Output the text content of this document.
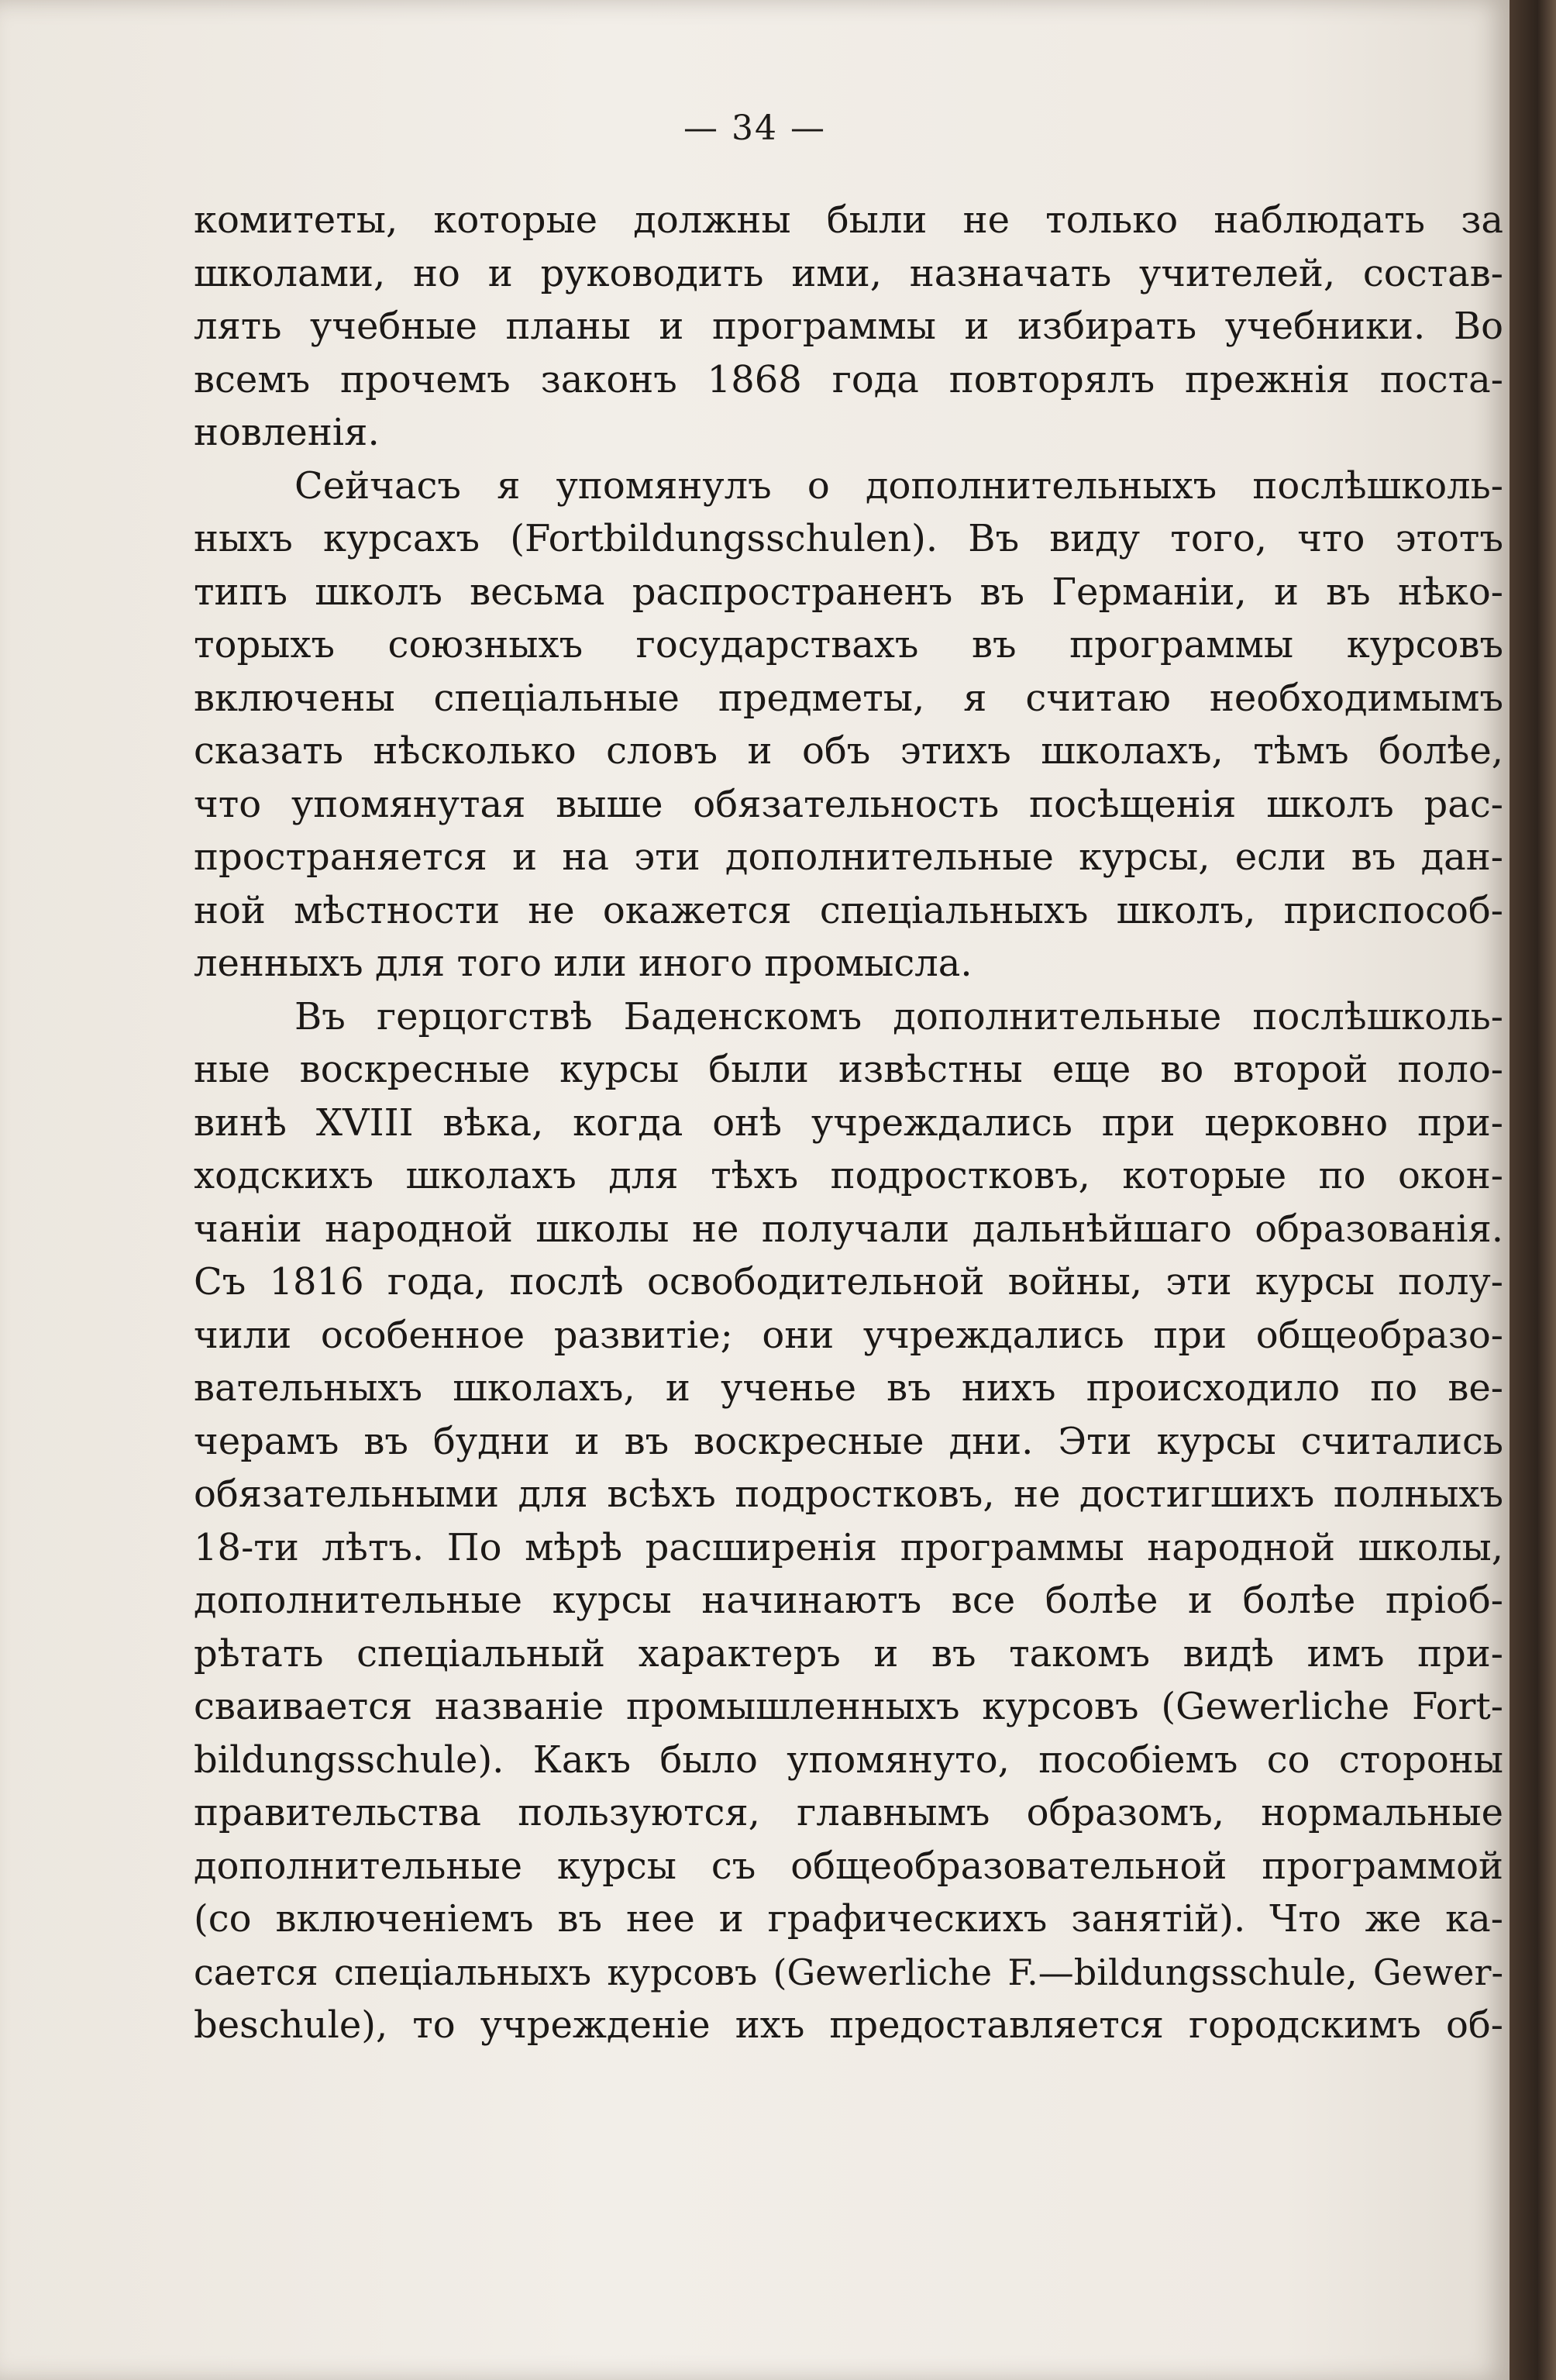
— 34 —
комитеты, которые должны были не только наблюдать за
школами, но и руководить ими, назначать учителей, состав-
лять учебные планы и программы и избирать учебники. Во
всемъ прочемъ законъ 1868 года повторялъ прежнія поста-
новленія.
Сейчасъ я упомянулъ о дополнительныхъ послѣшколь-
ныхъ курсахъ (Fortbildungsschulen). Въ виду того, что этотъ
типъ школъ весьма распространенъ въ Германіи, и въ нѣко-
торыхъ союзныхъ государствахъ въ программы курсовъ
включены спеціальные предметы, я считаю необходимымъ
сказать нѣсколько словъ и объ этихъ школахъ, тѣмъ болѣе,
что упомянутая выше обязательность посѣщенія школъ рас-
пространяется и на эти дополнительные курсы, если въ дан-
ной мѣстности не окажется спеціальныхъ школъ, приспособ-
ленныхъ для того или иного промысла.
Въ герцогствѣ Баденскомъ дополнительные послѣшколь-
ные воскресные курсы были извѣстны еще во второй поло-
винѣ XVIII вѣка, когда онѣ учреждались при церковно при-
ходскихъ школахъ для тѣхъ подростковъ, которые по окон-
чаніи народной школы не получали дальнѣйшаго образованія.
Съ 1816 года, послѣ освободительной войны, эти курсы полу-
чили особенное развитіе; они учреждались при общеобразо-
вательныхъ школахъ, и ученье въ нихъ происходило по ве-
черамъ въ будни и въ воскресные дни. Эти курсы считались
обязательными для всѣхъ подростковъ, не достигшихъ полныхъ
18-ти лѣтъ. По мѣрѣ расширенія программы народной школы,
дополнительные курсы начинаютъ все болѣе и болѣе пріоб-
рѣтать спеціальный характеръ и въ такомъ видѣ имъ при-
сваивается названіе промышленныхъ курсовъ (Gewerliche Fort-
bildungsschule). Какъ было упомянуто, пособіемъ со стороны
правительства пользуются, главнымъ образомъ, нормальные
дополнительные курсы съ общеобразовательной программой
(со включеніемъ въ нее и графическихъ занятій). Что же ка-
сается спеціальныхъ курсовъ (Gewerliche F.—bildungsschule, Gewer-
beschule), то учрежденіе ихъ предоставляется городскимъ об-
